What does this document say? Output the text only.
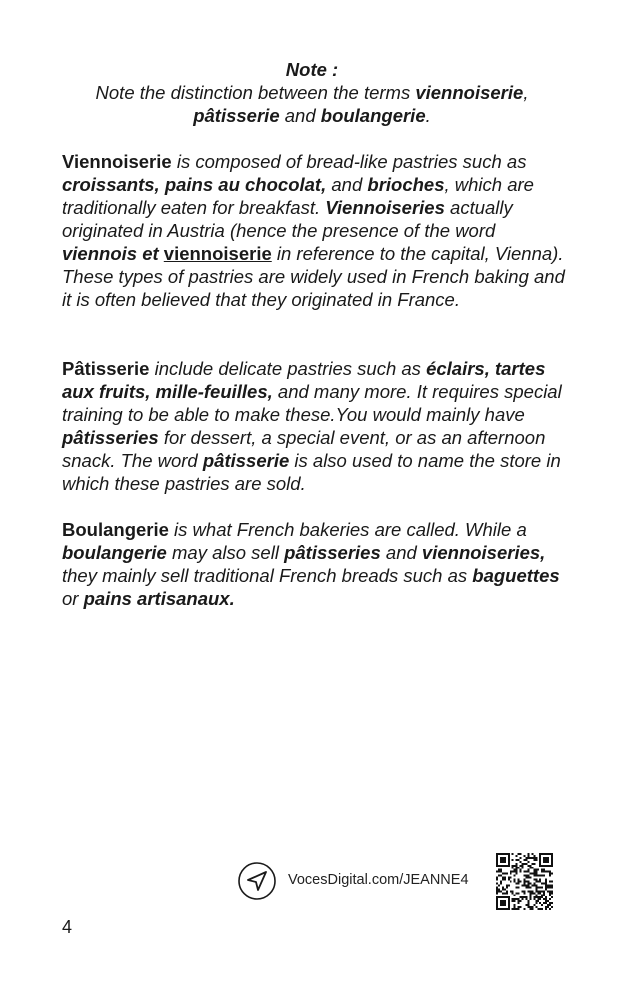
Note :
Note the distinction between the terms viennoiserie,
pâtisserie and boulangerie.

Viennoiserie is composed of bread-like pastries such as croissants, pains au chocolat, and brioches, which are traditionally eaten for breakfast. Viennoiseries actually originated in Austria (hence the presence of the word viennois et viennoiserie in reference to the capital, Vienna). These types of pastries are widely used in French baking and it is often believed that they originated in France.

Pâtisserie include delicate pastries such as éclairs, tartes aux fruits, mille-feuilles, and many more. It requires special training to be able to make these.You would mainly have pâtisseries for dessert, a special event, or as an afternoon snack. The word pâtisserie is also used to name the store in which these pastries are sold.

Boulangerie is what French bakeries are called. While a boulangerie may also sell pâtisseries and viennoiseries, they mainly sell traditional French breads such as baguettes or pains artisanaux.

VocesDigital.com/JEANNE4
4
